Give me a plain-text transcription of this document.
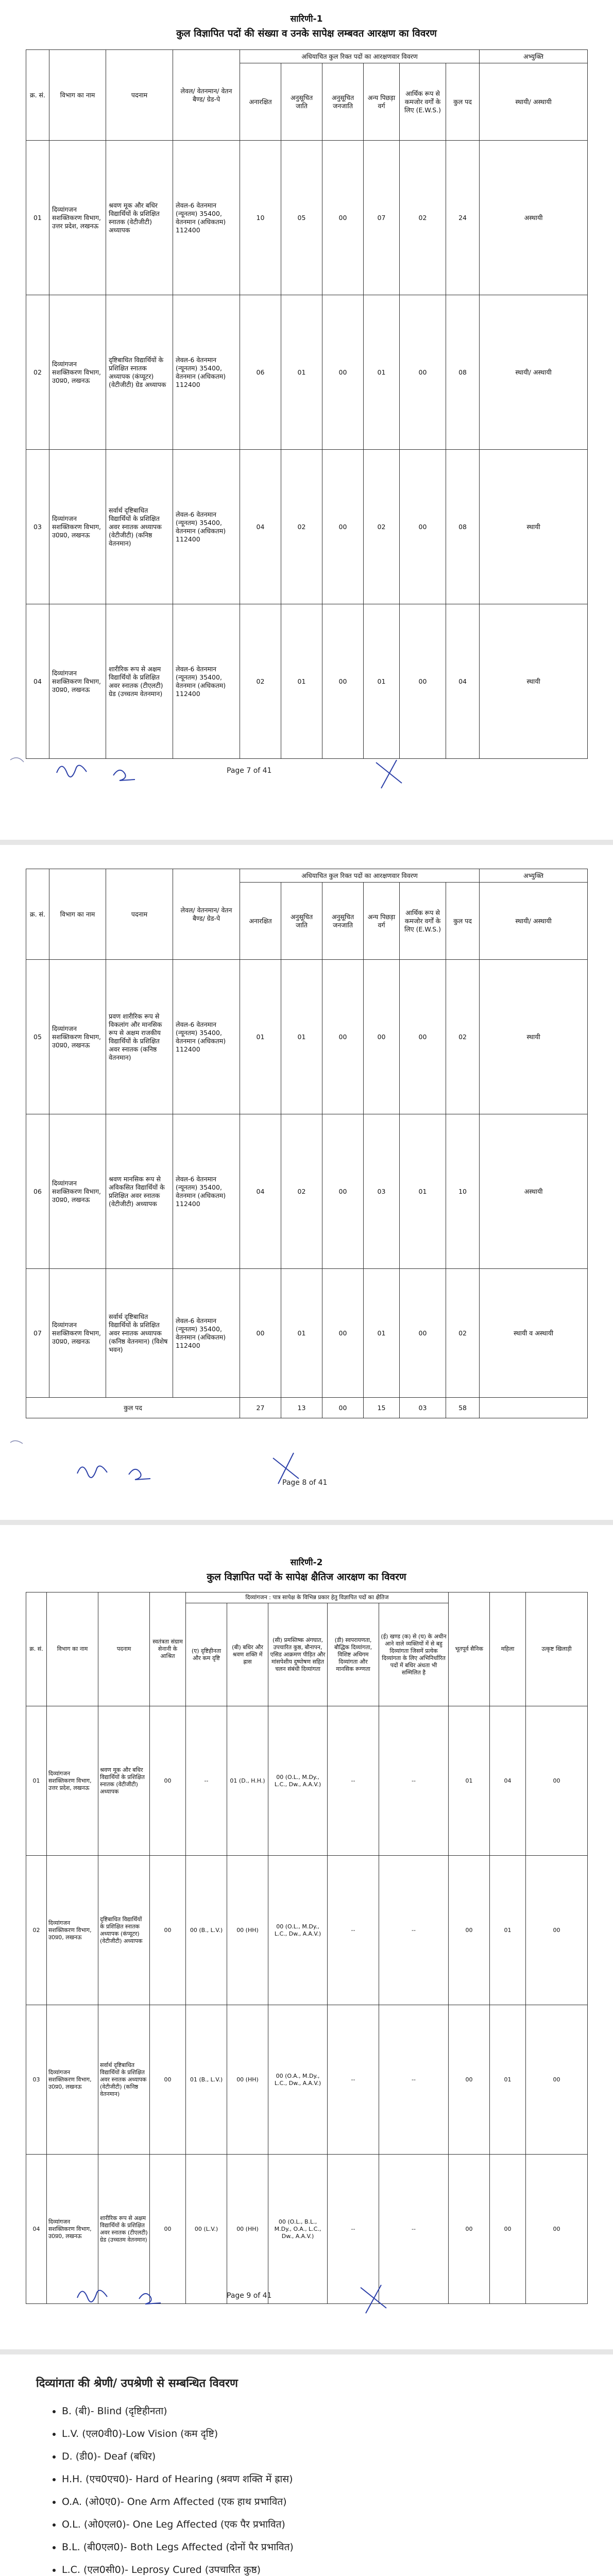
सारिणी-1
कुल विज्ञापित पदों की संख्या व उनके सापेक्ष लम्बवत आरक्षण का विवरण
क्र. सं.	विभाग का नाम	पदनाम	लेवल/ वेतनमान/ वेतन बैण्ड/ ग्रेड-पे	अधियाचित कुल रिक्त पदों का आरक्षणवार विवरण						अभ्युक्ति
				अनारक्षित	अनुसूचित जाति	अनुसूचित जनजाति	अन्य पिछड़ा वर्ग	आर्थिक रूप से कमजोर वर्गों के लिए (E.W.S.)	कुल पद	स्थायी/ अस्थायी
01	दिव्यांगजन सशक्तिकरण विभाग, उत्तर प्रदेश, लखनऊ	श्रवण मूक और बधिर विद्यार्थियों के प्रशिक्षित स्नातक (वेटीजीटी) अध्यापक	लेवल-6 वेतनमान (न्यूनतम) 35400, वेतनमान (अधिकतम) 112400	10	05	00	07	02	24	अस्थायी
02	दिव्यांगजन सशक्तिकरण विभाग, उ0प्र0, लखनऊ	दृष्टिबाधित विद्यार्थियों के प्रशिक्षित स्नातक अध्यापक (कंप्यूटर) (वेटीजीटी) ग्रेड अध्यापक	लेवल-6 वेतनमान (न्यूनतम) 35400, वेतनमान (अधिकतम) 112400	06	01	00	01	00	08	स्थायी/ अस्थायी
03	दिव्यांगजन सशक्तिकरण विभाग, उ0प्र0, लखनऊ	सर्वार्थ दृष्टिबाधित विद्यार्थियों के प्रशिक्षित अवर स्नातक अध्यापक (वेटीजीटी) (कनिष्ठ वेतनमान)	लेवल-6 वेतनमान (न्यूनतम) 35400, वेतनमान (अधिकतम) 112400	04	02	00	02	00	08	स्थायी
04	दिव्यांगजन सशक्तिकरण विभाग, उ0प्र0, लखनऊ	शारीरिक रूप से अक्षम विद्यार्थियों के प्रशिक्षित अवर स्नातक (टीएलटी) ग्रेड (उच्चतम वेतनमान)	लेवल-6 वेतनमान (न्यूनतम) 35400, वेतनमान (अधिकतम) 112400	02	01	00	01	00	04	स्थायी
Page 7 of 41
क्र. सं.	विभाग का नाम	पदनाम	लेवल/ वेतनमान/ वेतन बैण्ड/ ग्रेड-पे	अधियाचित कुल रिक्त पदों का आरक्षणवार विवरण						अभ्युक्ति
				अनारक्षित	अनुसूचित जाति	अनुसूचित जनजाति	अन्य पिछड़ा वर्ग	आर्थिक रूप से कमजोर वर्गों के लिए (E.W.S.)	कुल पद	स्थायी/ अस्थायी
05	दिव्यांगजन सशक्तिकरण विभाग, उ0प्र0, लखनऊ	प्रवण शारीरिक रूप से विकलांग और मानसिक रूप से अक्षम राजकीय विद्यार्थियों के प्रशिक्षित अवर स्नातक (कनिष्ठ वेतनमान)	लेवल-6 वेतनमान (न्यूनतम) 35400, वेतनमान (अधिकतम) 112400	01	01	00	00	00	02	स्थायी
06	दिव्यांगजन सशक्तिकरण विभाग, उ0प्र0, लखनऊ	श्रवण मानसिक रूप से अविकसित विद्यार्थियों के प्रशिक्षित अवर स्नातक (वेटीजीटी) अध्यापक	लेवल-6 वेतनमान (न्यूनतम) 35400, वेतनमान (अधिकतम) 112400	04	02	00	03	01	10	अस्थायी
07	दिव्यांगजन सशक्तिकरण विभाग, उ0प्र0, लखनऊ	सर्वार्थ दृष्टिबाधित विद्यार्थियों के प्रशिक्षित अवर स्नातक अध्यापक (कनिष्ठ वेतनमान) (विशेष भवन)	लेवल-6 वेतनमान (न्यूनतम) 35400, वेतनमान (अधिकतम) 112400	00	01	00	01	00	02	स्थायी व अस्थायी
कुल पद				27	13	00	15	03	58	
Page 8 of 41
सारिणी-2
कुल विज्ञापित पदों के सापेक्ष क्षैतिज आरक्षण का विवरण
क्र. सं.	विभाग का नाम	पदनाम	स्वतंत्रता संग्राम सेनानी के आश्रित	दिव्यांगजन : पात्र सापेक्ष के विभिन्न प्रकार हेतु विज्ञापित पदों का क्षैतिज					भूतपूर्व सैनिक	महिला	उत्कृष्ट खिलाड़ी
				(ए) दृष्टिहीनता और कम दृष्टि	(बी) बधिर और श्रवण शक्ति में ह्रास	(सी) प्रमस्तिष्क अंगघात, उपचारित कुष्ठ, बौनापन, एसिड आक्रमण पीड़ित और मांसपेशीय दुष्पोषण सहित चलन संबंधी दिव्यांगता	(डी) स्वपरायणता, बौद्धिक दिव्यांगता, विशिष्ट अधिगम दिव्यांगता और मानसिक रूग्णता	(ई) खण्ड (क) से (घ) के अधीन आने वाले व्यक्तियों में से बहु दिव्यांगता जिसमें प्रत्येक दिव्यांगता के लिए अभिनिर्धारित पदों में बधिर अंधता भी सम्मिलित है			
01	दिव्यांगजन सशक्तिकरण विभाग, उत्तर प्रदेश, लखनऊ	श्रवण मूक और बधिर विद्यार्थियों के प्रशिक्षित स्नातक (वेटीजीटी) अध्यापक	00	--	01 (D., H.H.)	00 (O.L., M.Dy., L.C., Dw., A.A.V.)	--	--	01	04	00
02	दिव्यांगजन सशक्तिकरण विभाग, उ0प्र0, लखनऊ	दृष्टिबाधित विद्यार्थियों के प्रशिक्षित स्नातक अध्यापक (कंप्यूटर) (वेटीजीटी) अध्यापक	00	00 (B., L.V.)	00 (HH)	00 (O.L., M.Dy., L.C., Dw., A.A.V.)	--	--	00	01	00
03	दिव्यांगजन सशक्तिकरण विभाग, उ0प्र0, लखनऊ	सर्वार्थ दृष्टिबाधित विद्यार्थियों के प्रशिक्षित अवर स्नातक अध्यापक (वेटीजीटी) (कनिष्ठ वेतनमान)	00	01 (B., L.V.)	00 (HH)	00 (O.A., M.Dy., L.C., Dw., A.A.V.)	--	--	00	01	00
04	दिव्यांगजन सशक्तिकरण विभाग, उ0प्र0, लखनऊ	शारीरिक रूप से अक्षम विद्यार्थियों के प्रशिक्षित अवर स्नातक (टीएलटी) ग्रेड (उच्चतम वेतनमान)	00	00 (L.V.)	00 (HH)	00 (O.L., B.L., M.Dy., O.A., L.C., Dw., A.A.V.)	--	--	00	00	00
Page 9 of 41
दिव्यांगता की श्रेणी/ उपश्रेणी से सम्बन्धित विवरण
• B. (बी)- Blind (दृष्टिहीनता)
• L.V. (एल0वी0)-Low Vision (कम दृष्टि)
• D. (डी0)- Deaf (बधिर)
• H.H. (एच0एच0)- Hard of Hearing (श्रवण शक्ति में ह्रास)
• O.A. (ओ0ए0)- One Arm Affected (एक हाथ प्रभावित)
• O.L. (ओ0एल0)- One Leg Affected (एक पैर प्रभावित)
• B.L. (बी0एल0)- Both Legs Affected (दोनों पैर प्रभावित)
• L.C. (एल0सी0)- Leprosy Cured (उपचारित कुष्ठ)
